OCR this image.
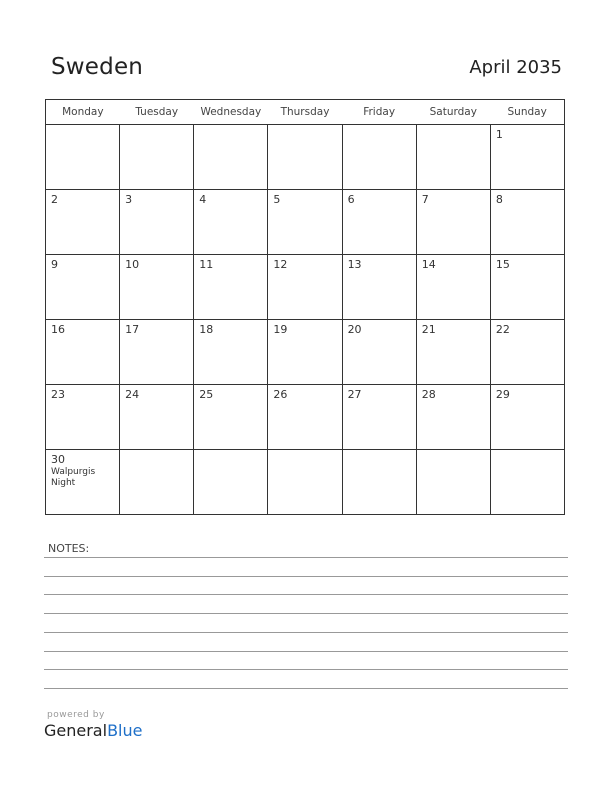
Sweden	April 2035
Monday	Tuesday	Wednesday	Thursday	Friday	Saturday	Sunday

						1

2	3	4	5	6	7	8

9	10	11	12	13	14	15

16	17	18	19	20	21	22

23	24	25	26	27	28	29

30
Walpurgis Night						

NOTES:
powered by
GeneralBlue
